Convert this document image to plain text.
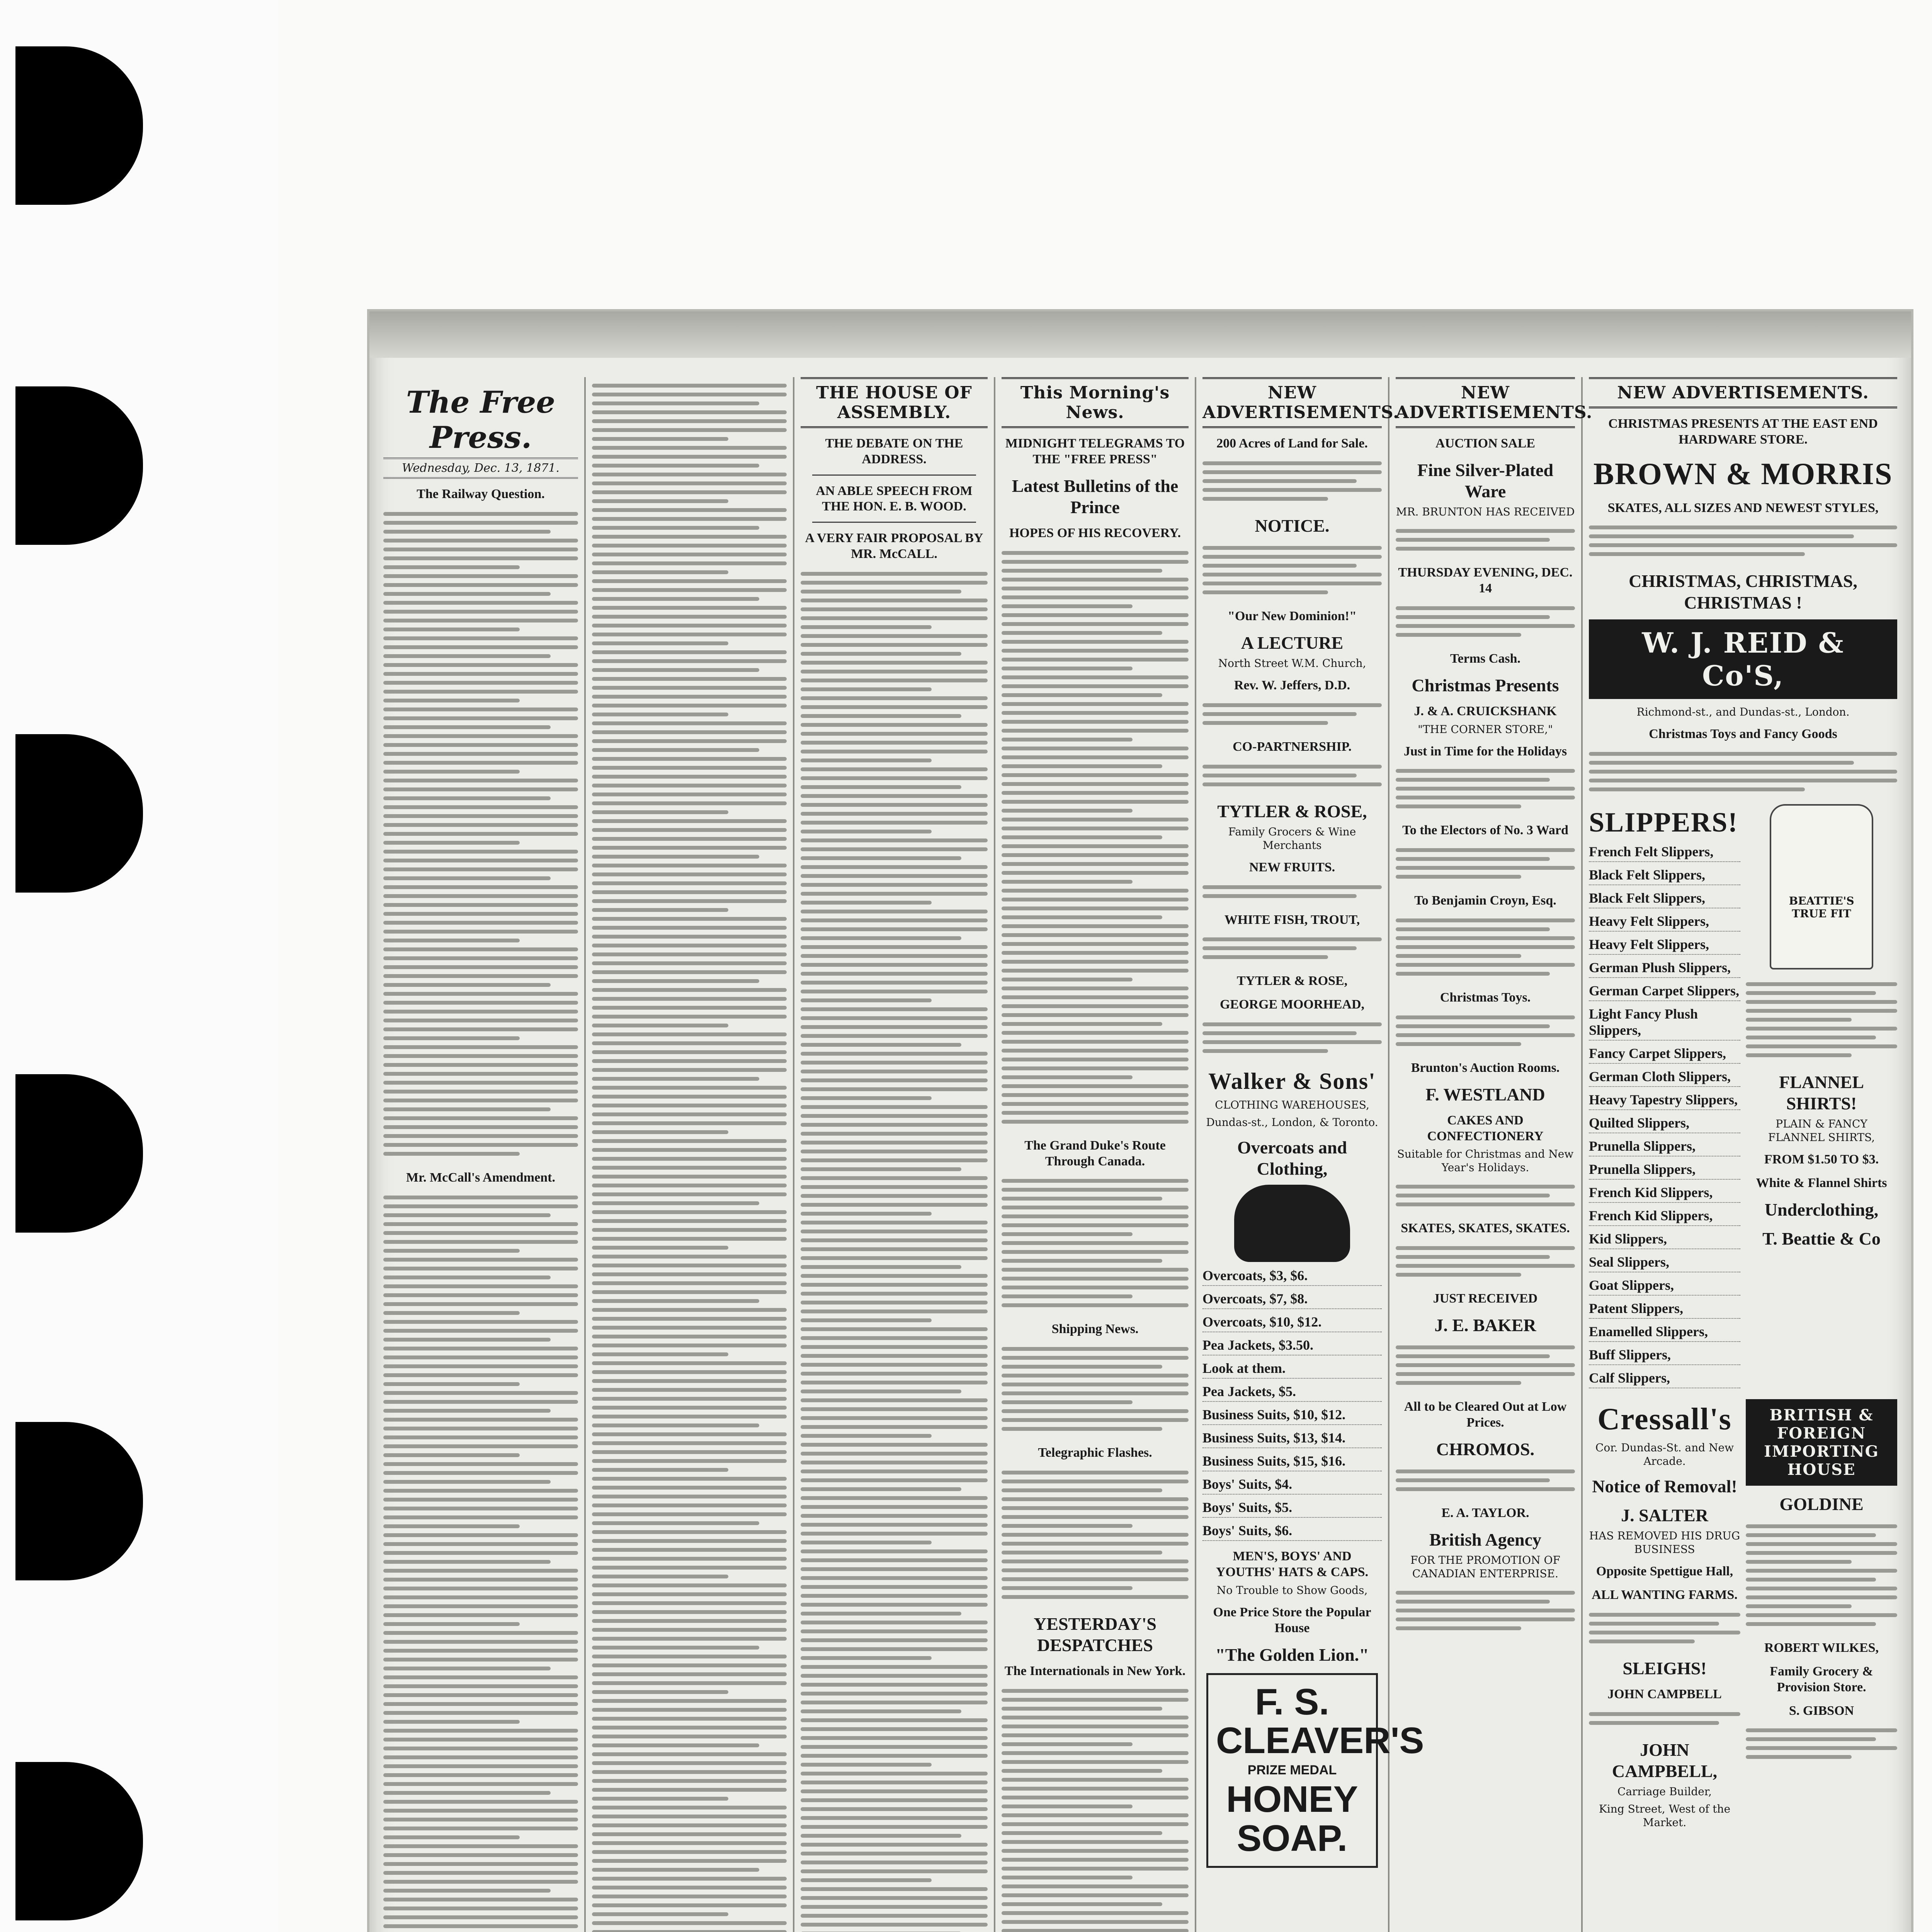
The Free Press.
Wednesday, Dec. 13, 1871.
The Railway Question.
Mr. McCall's Amendment.
THE HOUSE OF ASSEMBLY.
THE DEBATE ON THE ADDRESS.
AN ABLE SPEECH FROM THE HON. E. B. WOOD.
A VERY FAIR PROPOSAL BY MR. McCALL.
This Morning's News.
MIDNIGHT TELEGRAMS TO THE "FREE PRESS"
Latest Bulletins of the Prince
HOPES OF HIS RECOVERY.
The Grand Duke's Route Through Canada.
Shipping News.
Telegraphic Flashes.
YESTERDAY'S DESPATCHES
The Internationals in New York.
NEW ADVERTISEMENTS.
200 Acres of Land for Sale.
NOTICE.
"Our New Dominion!"
A LECTURE
North Street W.M. Church,
Rev. W. Jeffers, D.D.
CO-PARTNERSHIP.
TYTLER & ROSE,
Family Grocers & Wine Merchants
NEW FRUITS.
WHITE FISH, TROUT,
TYTLER & ROSE,
GEORGE MOORHEAD,
Walker & Sons'
CLOTHING WAREHOUSES,
Dundas-st., London, & Toronto.
Overcoats and Clothing,
Overcoats, $3, $6.
Overcoats, $7, $8.
Overcoats, $10, $12.
Pea Jackets, $3.50.
Look at them.
Pea Jackets, $5.
Business Suits, $10, $12.
Business Suits, $13, $14.
Business Suits, $15, $16.
Boys' Suits, $4.
Boys' Suits, $5.
Boys' Suits, $6.
MEN'S, BOYS' AND YOUTHS' HATS & CAPS.
No Trouble to Show Goods,
One Price Store the Popular House
"The Golden Lion."
F. S. CLEAVER'S
PRIZE MEDAL
HONEY SOAP.
NEW ADVERTISEMENTS.
AUCTION SALE
Fine Silver-Plated Ware
MR. BRUNTON HAS RECEIVED
THURSDAY EVENING, DEC. 14
Terms Cash.
Christmas Presents
J. & A. CRUICKSHANK
"THE CORNER STORE,"
Just in Time for the Holidays
To the Electors of No. 3 Ward
To Benjamin Croyn, Esq.
Christmas Toys.
Brunton's Auction Rooms.
F. WESTLAND
CAKES AND CONFECTIONERY
Suitable for Christmas and New Year's Holidays.
SKATES, SKATES, SKATES.
JUST RECEIVED
J. E. BAKER
All to be Cleared Out at Low Prices.
CHROMOS.
E. A. TAYLOR.
British Agency
FOR THE PROMOTION OF CANADIAN ENTERPRISE.
NEW ADVERTISEMENTS.
CHRISTMAS PRESENTS AT THE EAST END HARDWARE STORE.
BROWN & MORRIS
SKATES, ALL SIZES AND NEWEST STYLES,
CHRISTMAS, CHRISTMAS, CHRISTMAS !
W. J. REID & Co'S,
Richmond-st., and Dundas-st., London.
Christmas Toys and Fancy Goods
SLIPPERS!
French Felt Slippers,
Black Felt Slippers,
Black Felt Slippers,
Heavy Felt Slippers,
Heavy Felt Slippers,
German Plush Slippers,
German Carpet Slippers,
Light Fancy Plush Slippers,
Fancy Carpet Slippers,
German Cloth Slippers,
Heavy Tapestry Slippers,
Quilted Slippers,
Prunella Slippers,
Prunella Slippers,
French Kid Slippers,
French Kid Slippers,
Kid Slippers,
Seal Slippers,
Goat Slippers,
Patent Slippers,
Enamelled Slippers,
Buff Slippers,
Calf Slippers,
BEATTIE'S TRUE FIT
FLANNEL SHIRTS!
PLAIN & FANCY FLANNEL SHIRTS,
FROM $1.50 TO $3.
White & Flannel Shirts
Underclothing,
T. Beattie & Co
Cressall's
Cor. Dundas-St. and New Arcade.
Notice of Removal!
J. SALTER
HAS REMOVED HIS DRUG BUSINESS
Opposite Spettigue Hall,
ALL WANTING FARMS.
SLEIGHS!
JOHN CAMPBELL
JOHN CAMPBELL,
Carriage Builder,
King Street, West of the Market.
BRITISH & FOREIGN IMPORTING HOUSE
GOLDINE
ROBERT WILKES,
Family Grocery & Provision Store.
S. GIBSON
